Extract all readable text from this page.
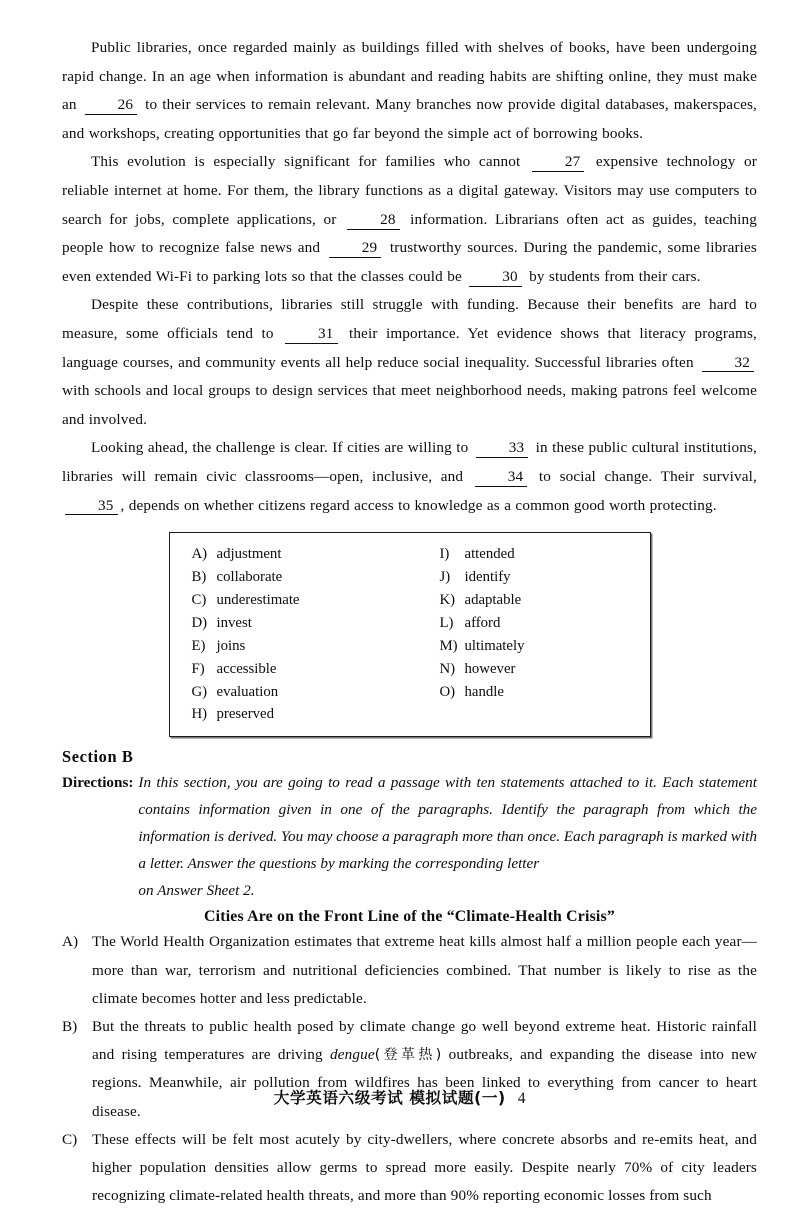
Public libraries, once regarded mainly as buildings filled with shelves of books, have been undergoing rapid change. In an age when information is abundant and reading habits are shifting online, they must make an 26 to their services to remain relevant. Many branches now provide digital databases, makerspaces, and workshops, creating opportunities that go far beyond the simple act of borrowing books.
This evolution is especially significant for families who cannot 27 expensive technology or reliable internet at home. For them, the library functions as a digital gateway. Visitors may use computers to search for jobs, complete applications, or 28 information. Librarians often act as guides, teaching people how to recognize false news and 29 trustworthy sources. During the pandemic, some libraries even extended Wi-Fi to parking lots so that the classes could be 30 by students from their cars.
Despite these contributions, libraries still struggle with funding. Because their benefits are hard to measure, some officials tend to 31 their importance. Yet evidence shows that literacy programs, language courses, and community events all help reduce social inequality. Successful libraries often 32 with schools and local groups to design services that meet neighborhood needs, making patrons feel welcome and involved.
Looking ahead, the challenge is clear. If cities are willing to 33 in these public cultural institutions, libraries will remain civic classrooms—open, inclusive, and 34 to social change. Their survival, 35 , depends on whether citizens regard access to knowledge as a common good worth protecting.
A) adjustment
B) collaborate
C) underestimate
D) invest
E) joins
F) accessible
G) evaluation
H) preserved
I) attended
J) identify
K) adaptable
L) afford
M) ultimately
N) however
O) handle
Section B
Directions: In this section, you are going to read a passage with ten statements attached to it. Each statement contains information given in one of the paragraphs. Identify the paragraph from which the information is derived. You may choose a paragraph more than once. Each paragraph is marked with a letter. Answer the questions by marking the corresponding letter
on Answer Sheet 2.
Cities Are on the Front Line of the “Climate-Health Crisis”
A) The World Health Organization estimates that extreme heat kills almost half a million people each year—more than war, terrorism and nutritional deficiencies combined. That number is likely to rise as the climate becomes hotter and less predictable.
B) But the threats to public health posed by climate change go well beyond extreme heat. Historic rainfall and rising temperatures are driving dengue(登革热) outbreaks, and expanding the disease into new regions. Meanwhile, air pollution from wildfires has been linked to everything from cancer to heart disease.
C) These effects will be felt most acutely by city-dwellers, where concrete absorbs and re-emits heat, and higher population densities allow germs to spread more easily. Despite nearly 70% of city leaders recognizing climate-related health threats, and more than 90% reporting economic losses from such
大学英语六级考试 模拟试题(一) 4
